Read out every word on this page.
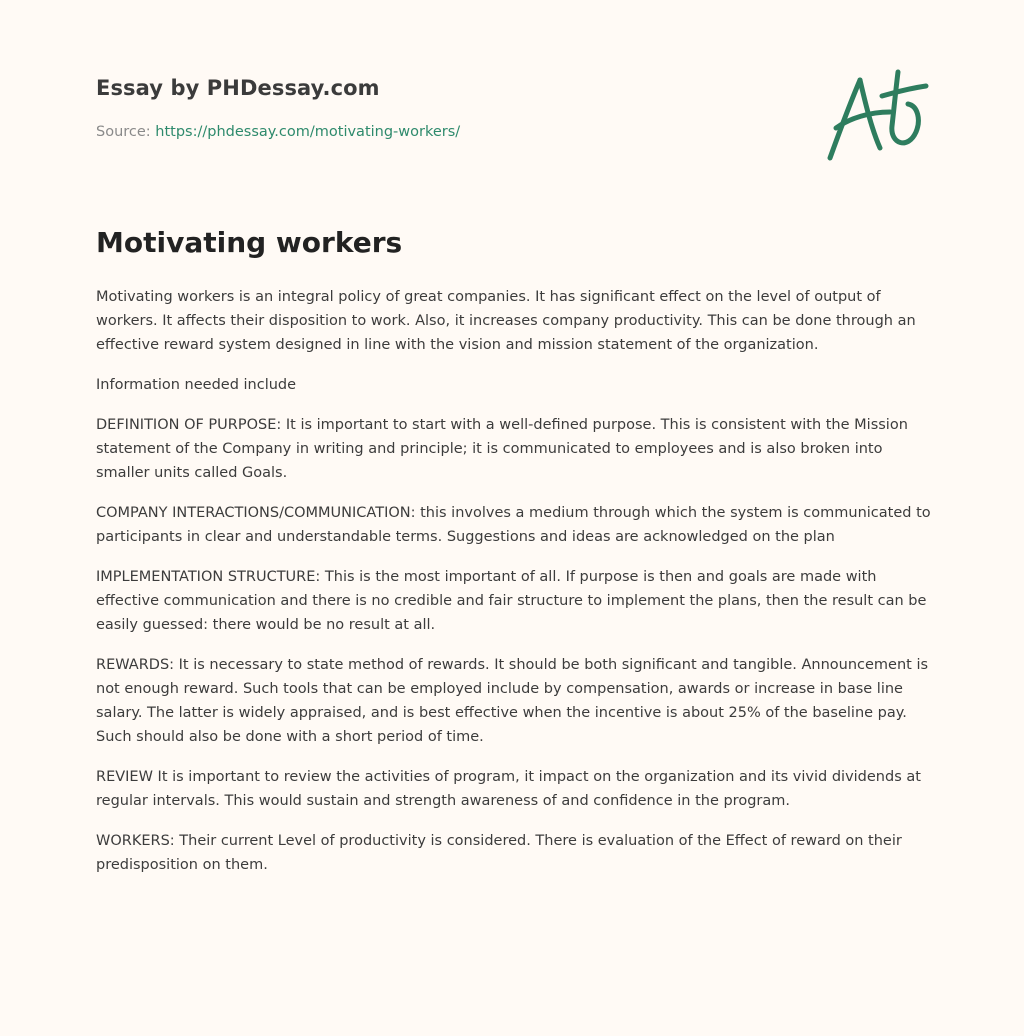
Essay by PHDessay.com
Source: https://phdessay.com/motivating-workers/
Motivating workers

Motivating workers is an integral policy of great companies. It has significant effect on the level of output of workers. It affects their disposition to work. Also, it increases company productivity. This can be done through an effective reward system designed in line with the vision and mission statement of the organization.

Information needed include

DEFINITION OF PURPOSE: It is important to start with a well-defined purpose. This is consistent with the Mission statement of the Company in writing and principle; it is communicated to employees and is also broken into smaller units called Goals.

COMPANY INTERACTIONS/COMMUNICATION: this involves a medium through which the system is communicated to participants in clear and understandable terms. Suggestions and ideas are acknowledged on the plan

IMPLEMENTATION STRUCTURE: This is the most important of all. If purpose is then and goals are made with effective communication and there is no credible and fair structure to implement the plans, then the result can be easily guessed: there would be no result at all.

REWARDS: It is necessary to state method of rewards. It should be both significant and tangible. Announcement is not enough reward. Such tools that can be employed include by compensation, awards or increase in base line salary. The latter is widely appraised, and is best effective when the incentive is about 25% of the baseline pay. Such should also be done with a short period of time.

REVIEW It is important to review the activities of program, it impact on the organization and its vivid dividends at regular intervals. This would sustain and strength awareness of and confidence in the program.

WORKERS: Their current Level of productivity is considered. There is evaluation of the Effect of reward on their predisposition on them.
